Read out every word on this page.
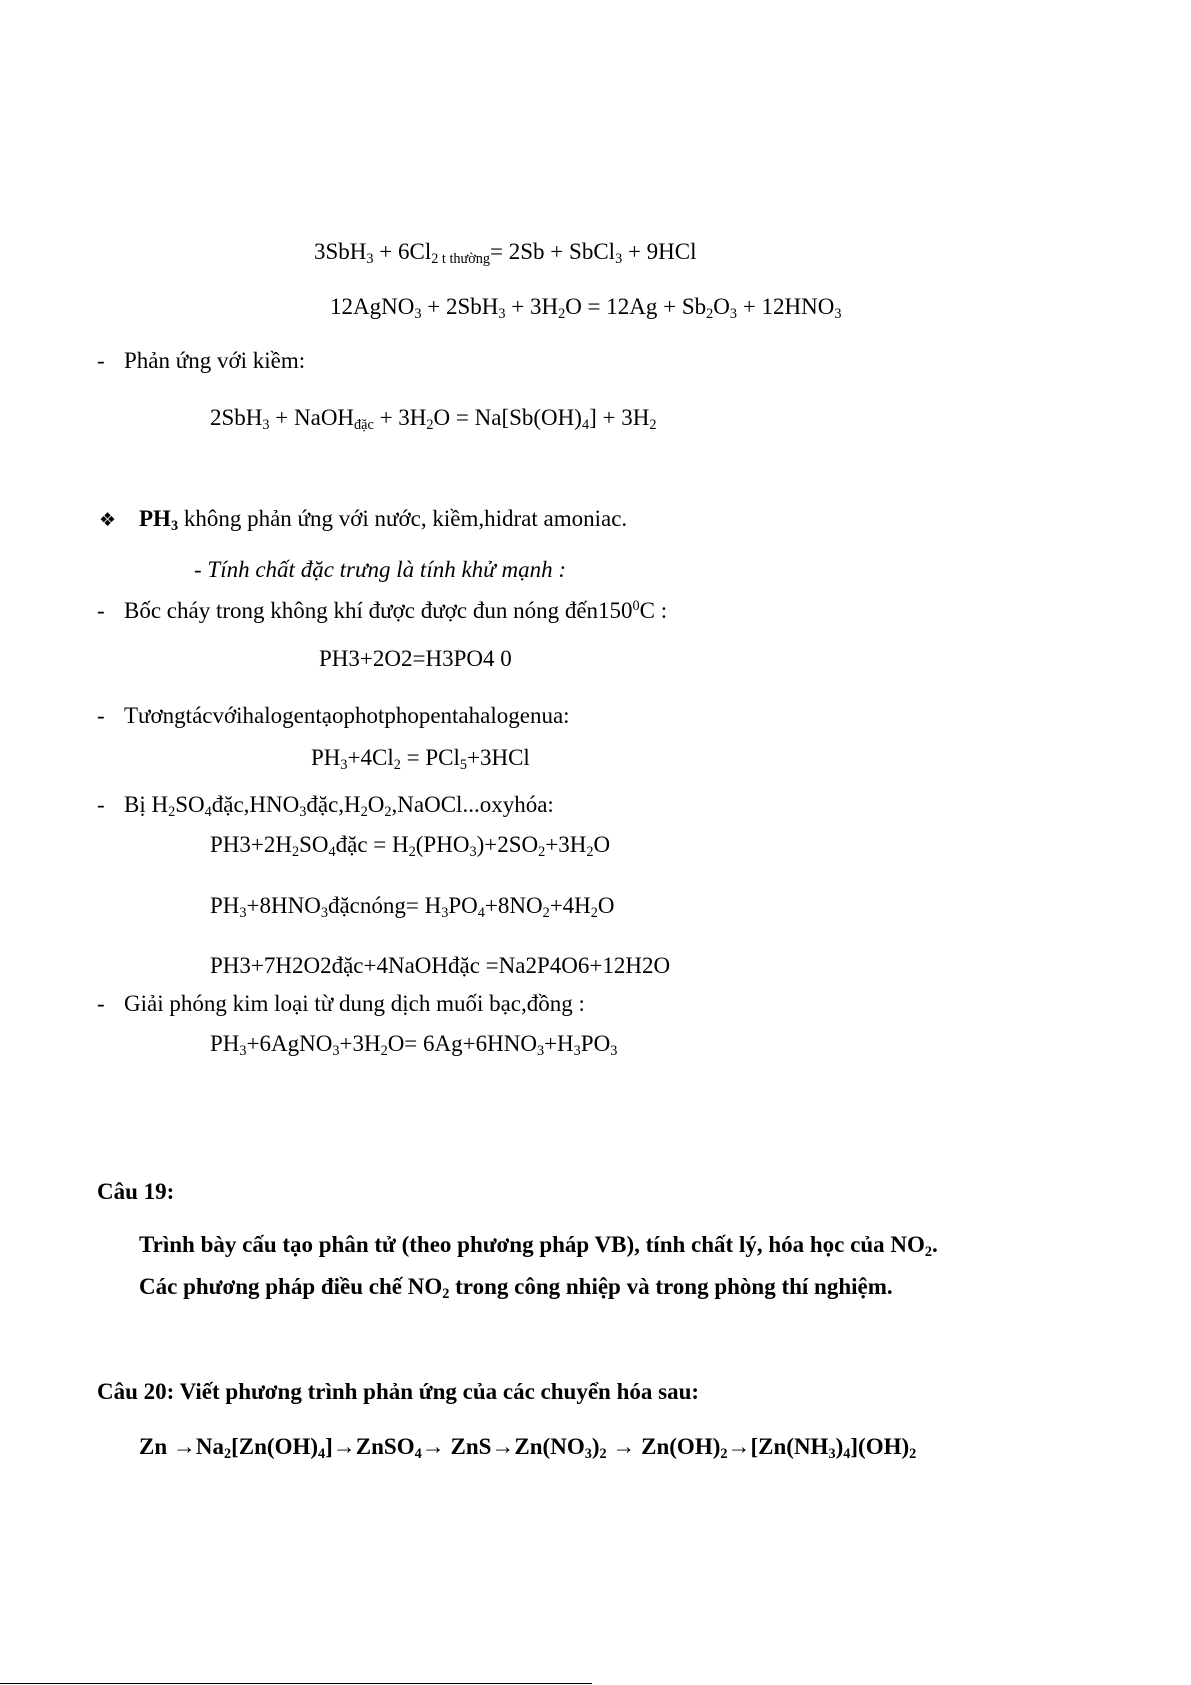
$3SbH_3 + 6Cl_{2 t thường}= 2Sb$ + SbCl$_3$ + 9HCl
12AgNO$_3$ + $2SbH_3 + 3H_2O = 12Ag + Sb_2O_3 + 12HNO_3$
- Phản ứng với kiềm:
2SbH$_3$ + NaOH$_{đặc}$ + $3H_2O = Na[Sb(OH)_4] + 3H_2$
❖ $PH_3$ không phản ứng với nước, kiềm,hidrat amoniac.
- Tính chất đặc trưng là tính khử mạnh :
- Bốc cháy trong không khí được được đun nóng $đến150^0C$ :
PH3+2O2=H3PO4 0
- Tươngtácvớihalogentạophotphopentahalogenua:
$PH_3+4Cl_2 = PCl_5+3HCl$
- Bị $H_2SO_4đặc,HNO_3đặc,H_2O_2,NaOCl...oxyhóa$:
$PH3+2H_2SO_4đặc = H_2(PHO_3)+2SO_2+3H_2O$
$PH_3+8HNO_3đặcnóng= H_3PO_4+8NO_2+4H_2O$
PH3+7H2O2đặc+4NaOHđặc =Na2P4O6+12H2O
- Giải phóng kim loại từ dung dịch muối bạc,đồng :
$PH_3+6AgNO_3+3H_2O= 6Ag+6HNO_3+H_3PO_3$
Câu 19:
Trình bày cấu tạo phân tử (theo phương pháp VB), tính chất lý, hóa học của $NO_2$.
Các phương pháp điều chế $NO_2$ trong công nhiệp và trong phòng thí nghiệm.
Câu 20: Viết phương trình phản ứng của các chuyển hóa sau:
$Zn \to Na_2[Zn(OH)_4]\to ZnSO_4\to ZnS\to Zn(NO_3)_2 \to Zn(OH)_2\to[Zn(NH_3)_4](OH)_2$
